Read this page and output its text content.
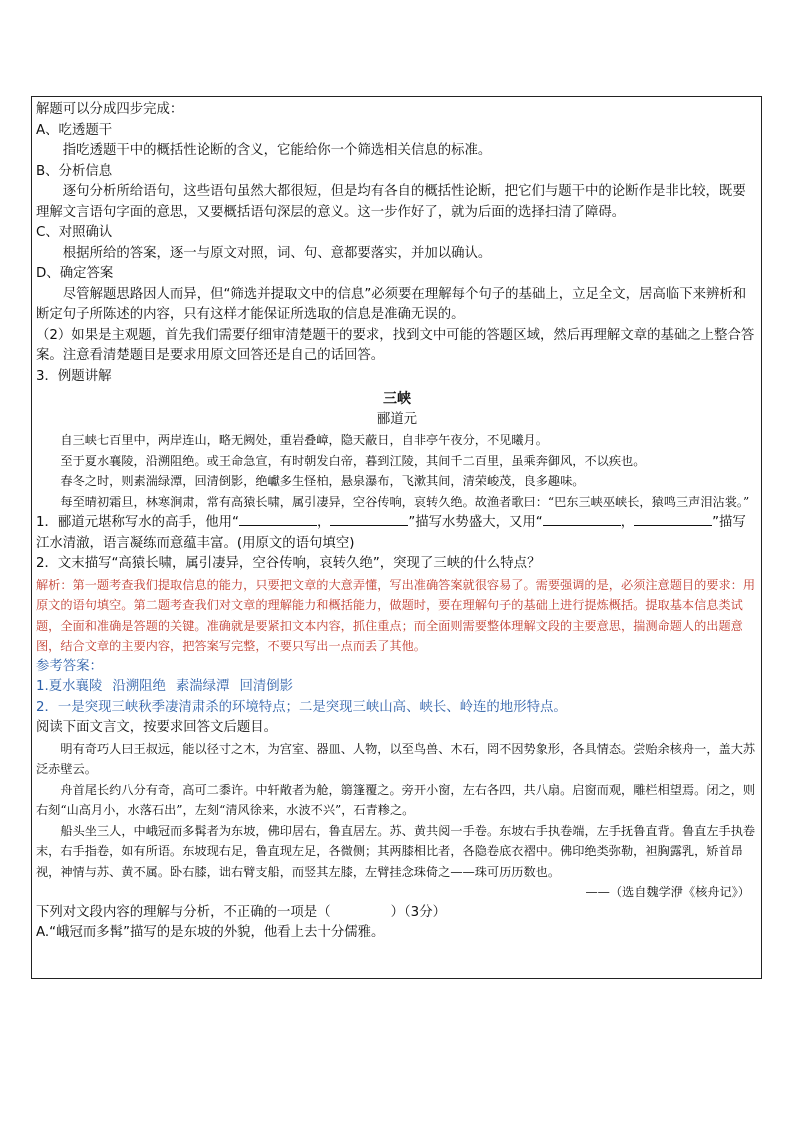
解题可以分成四步完成：

A、吃透题干

指吃透题干中的概括性论断的含义，它能给你一个筛选相关信息的标准。

B、分析信息

逐句分析所给语句，这些语句虽然大都很短，但是均有各自的概括性论断，把它们与题干中的论断作是非比较，既要理解文言语句字面的意思，又要概括语句深层的意义。这一步作好了，就为后面的选择扫清了障碍。

C、对照确认

根据所给的答案，逐一与原文对照，词、句、意都要落实，并加以确认。

D、确定答案

尽管解题思路因人而异，但“筛选并提取文中的信息”必须要在理解每个句子的基础上，立足全文，居高临下来辨析和断定句子所陈述的内容，只有这样才能保证所选取的信息是准确无误的。

（2）如果是主观题，首先我们需要仔细审清楚题干的要求，找到文中可能的答题区域，然后再理解文章的基础之上整合答案。注意看清楚题目是要求用原文回答还是自己的话回答。

3．例题讲解

三峡

郦道元

自三峡七百里中，两岸连山，略无阙处，重岩叠嶂，隐天蔽日，自非亭午夜分，不见曦月。

至于夏水襄陵，沿溯阻绝。或王命急宣，有时朝发白帝，暮到江陵，其间千二百里，虽乘奔御风，不以疾也。

春冬之时，则素湍绿潭，回清倒影，绝巘多生怪柏，悬泉瀑布，飞漱其间，清荣峻茂，良多趣味。

每至晴初霜旦，林寒涧肃，常有高猿长啸，属引凄异，空谷传响，哀转久绝。故渔者歌曰：“巴东三峡巫峡长，猿鸣三声泪沾裳。”

1．郦道元堪称写水的高手，他用“	，	”描写水势盛大，又用“	，	”描写江水清澈，语言凝练而意蕴丰富。(用原文的语句填空)

2．文末描写“高猿长啸，属引凄异，空谷传响，哀转久绝”，突现了三峡的什么特点？

解析：第一题考查我们提取信息的能力，只要把文章的大意弄懂，写出准确答案就很容易了。需要强调的是，必须注意题目的要求：用原文的语句填空。第二题考查我们对文章的理解能力和概括能力，做题时，要在理解句子的基础上进行提炼概括。提取基本信息类试题，全面和准确是答题的关键。准确就是要紧扣文本内容，抓住重点；而全面则需要整体理解文段的主要意思，揣测命题人的出题意图，结合文章的主要内容，把答案写完整，不要只写出一点而丢了其他。

参考答案：

1.夏水襄陵 沿溯阻绝 素湍绿潭 回清倒影

2．一是突现三峡秋季凄清肃杀的环境特点；二是突现三峡山高、峡长、岭连的地形特点。

阅读下面文言文，按要求回答文后题目。

明有奇巧人曰王叔远，能以径寸之木，为宫室、器皿、人物，以至鸟兽、木石，罔不因势象形，各具情态。尝贻余核舟一，盖大苏泛赤壁云。

舟首尾长约八分有奇，高可二黍许。中轩敞者为舱，篛篷覆之。旁开小窗，左右各四，共八扇。启窗而观，雕栏相望焉。闭之，则右刻“山高月小，水落石出”，左刻“清风徐来，水波不兴”，石青糁之。

船头坐三人，中峨冠而多髯者为东坡，佛印居右，鲁直居左。苏、黄共阅一手卷。东坡右手执卷端，左手抚鲁直背。鲁直左手执卷末，右手指卷，如有所语。东坡现右足，鲁直现左足，各微侧；其两膝相比者，各隐卷底衣褶中。佛印绝类弥勒，袒胸露乳，矫首昂视，神情与苏、黄不属。卧右膝，诎右臂支船，而竖其左膝，左臂挂念珠倚之——珠可历历数也。

——（选自魏学洢《核舟记》）

下列对文段内容的理解与分析，不正确的一项是（	）（3分）

A.“峨冠而多髯”描写的是东坡的外貌，他看上去十分儒雅。
